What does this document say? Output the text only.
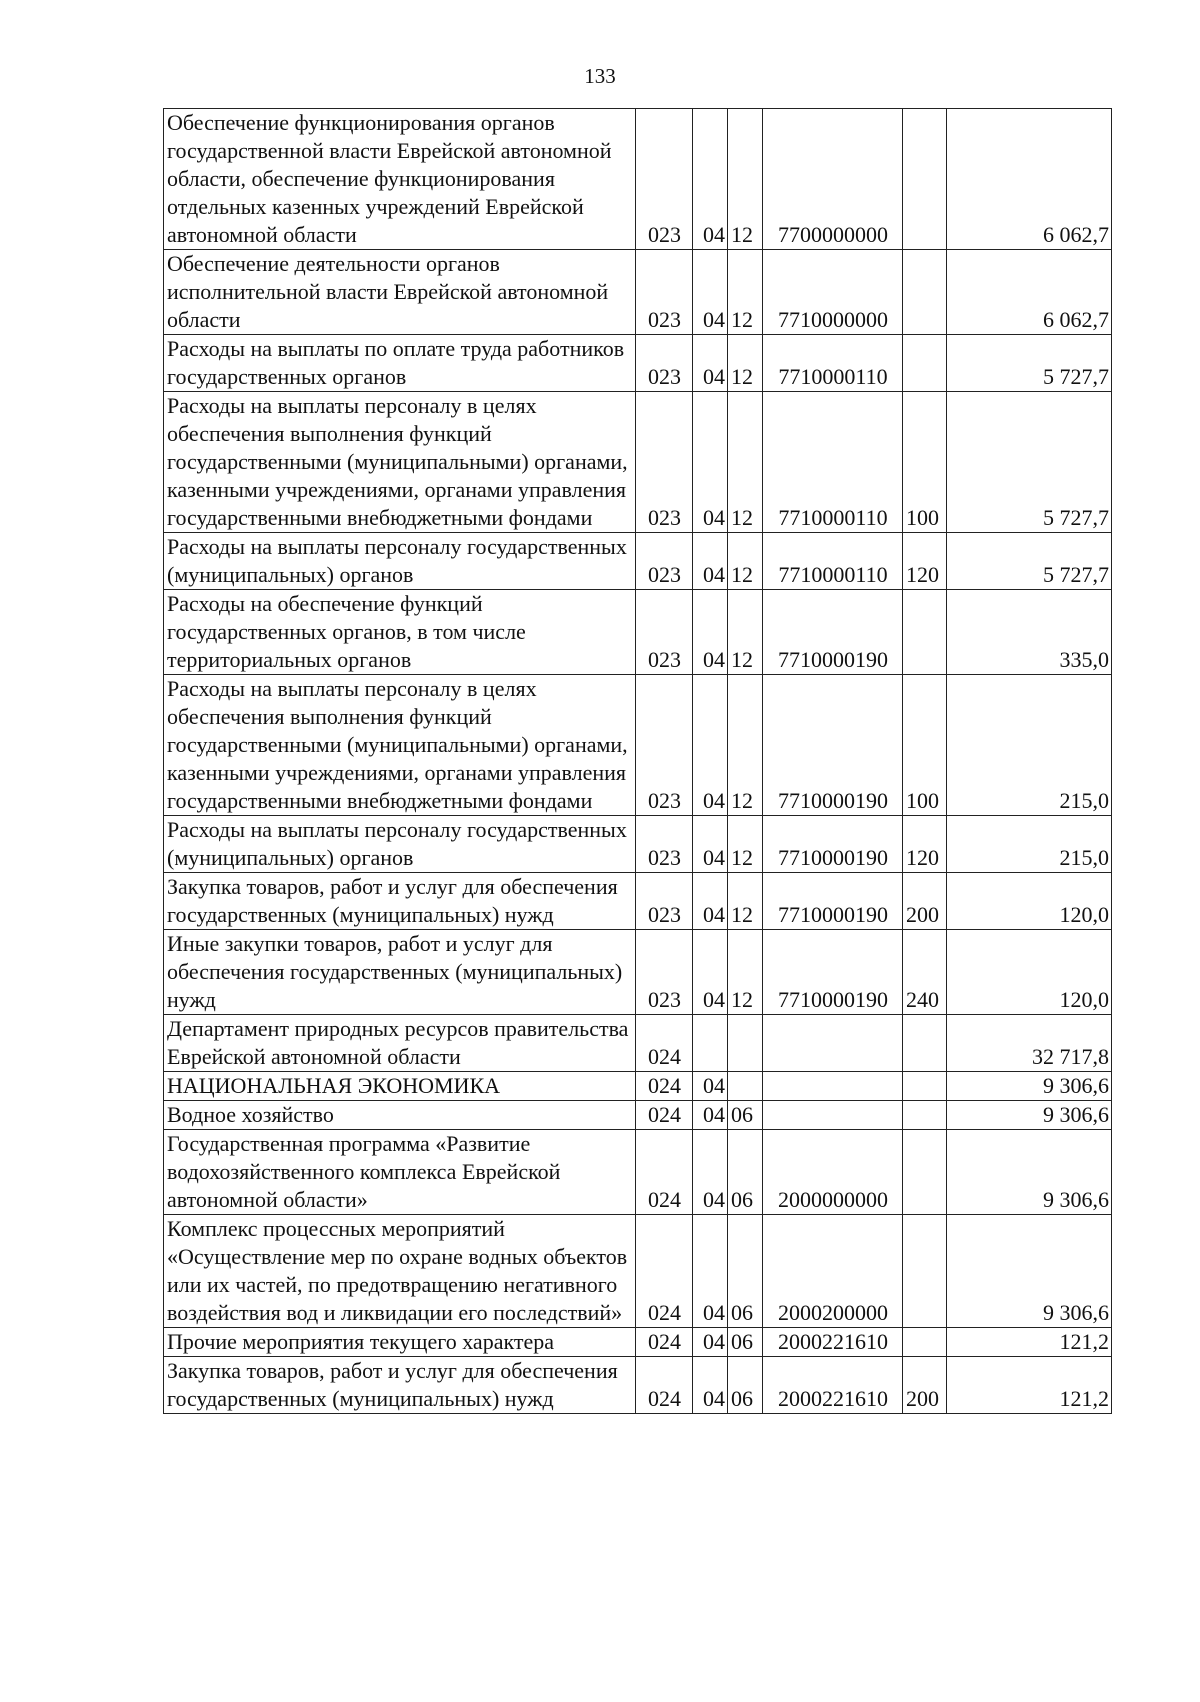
133
Обеспечение функционирования органов государственной власти Еврейской автономной области, обеспечение функционирования отдельных казенных учреждений Еврейской автономной области	023	04	12	7700000000		6 062,7
Обеспечение деятельности органов исполнительной власти Еврейской автономной области	023	04	12	7710000000		6 062,7
Расходы на выплаты по оплате труда работников государственных органов	023	04	12	7710000110		5 727,7
Расходы на выплаты персоналу в целях обеспечения выполнения функций государственными (муниципальными) органами, казенными учреждениями, органами управления государственными внебюджетными фондами	023	04	12	7710000110	100	5 727,7
Расходы на выплаты персоналу государственных (муниципальных) органов	023	04	12	7710000110	120	5 727,7
Расходы на обеспечение функций государственных органов, в том числе территориальных органов	023	04	12	7710000190		335,0
Расходы на выплаты персоналу в целях обеспечения выполнения функций государственными (муниципальными) органами, казенными учреждениями, органами управления государственными внебюджетными фондами	023	04	12	7710000190	100	215,0
Расходы на выплаты персоналу государственных (муниципальных) органов	023	04	12	7710000190	120	215,0
Закупка товаров, работ и услуг для обеспечения государственных (муниципальных) нужд	023	04	12	7710000190	200	120,0
Иные закупки товаров, работ и услуг для обеспечения государственных (муниципальных) нужд	023	04	12	7710000190	240	120,0
Департамент природных ресурсов правительства Еврейской автономной области	024					32 717,8
НАЦИОНАЛЬНАЯ ЭКОНОМИКА	024	04				9 306,6
Водное хозяйство	024	04	06			9 306,6
Государственная программа «Развитие водохозяйственного комплекса Еврейской автономной области»	024	04	06	2000000000		9 306,6
Комплекс процессных мероприятий «Осуществление мер по охране водных объектов или их частей, по предотвращению негативного воздействия вод и ликвидации его последствий»	024	04	06	2000200000		9 306,6
Прочие мероприятия текущего характера	024	04	06	2000221610		121,2
Закупка товаров, работ и услуг для обеспечения государственных (муниципальных) нужд	024	04	06	2000221610	200	121,2
